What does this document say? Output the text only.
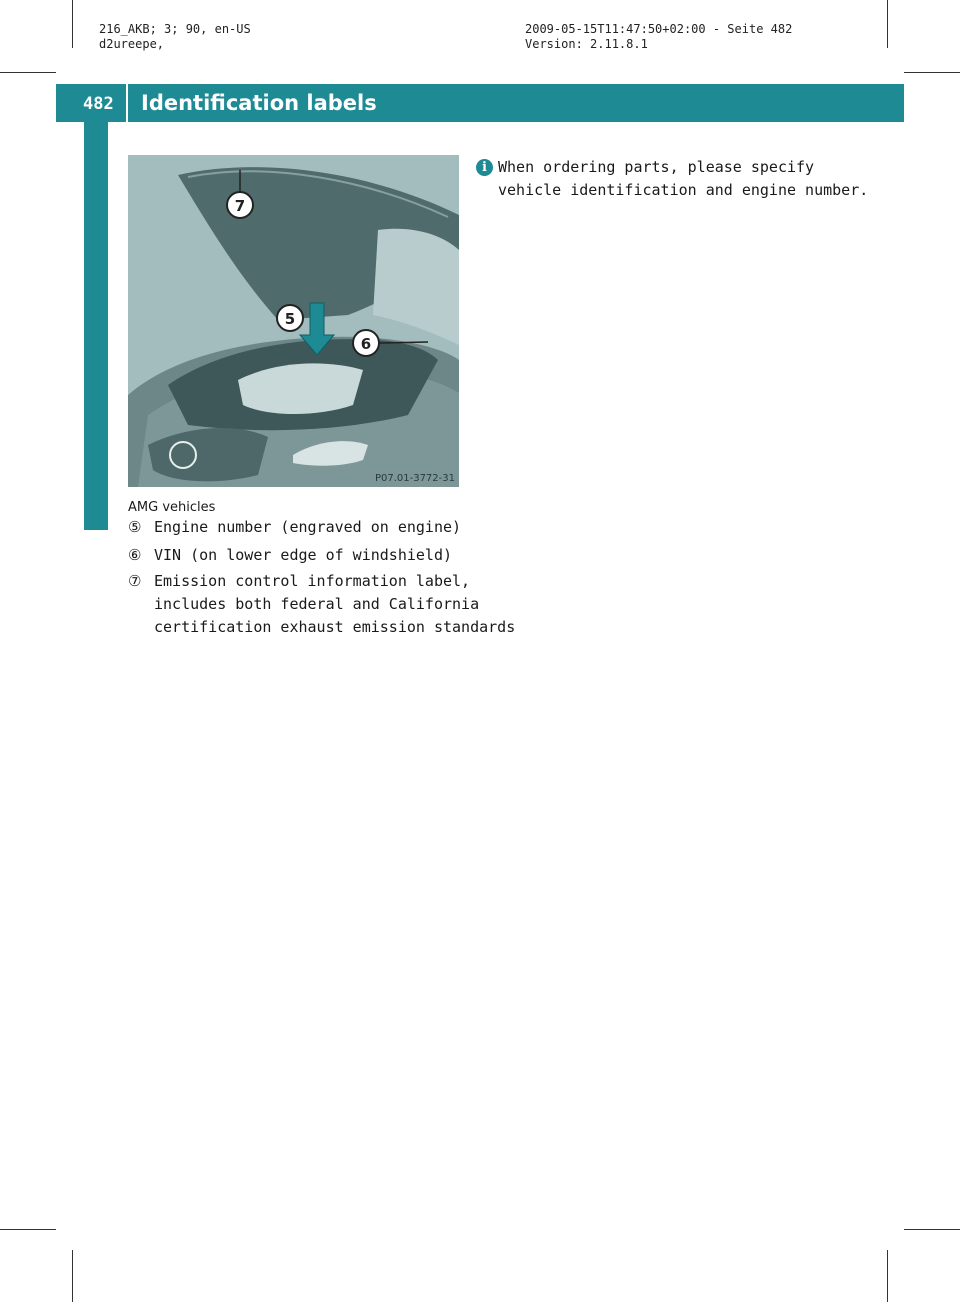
216_AKB; 3; 90, en-US
d2ureepe,
2009-05-15T11:47:50+02:00 - Seite 482
Version: 2.11.8.1
482 Identification labels
Technical data
7
5
6
P07.01-3772-31
AMG vehicles
⑤ Engine number (engraved on engine)
⑥ VIN (on lower edge of windshield)
⑦ Emission control information label,
includes both federal and California
certification exhaust emission standards
i When ordering parts, please specify
vehicle identification and engine number.
